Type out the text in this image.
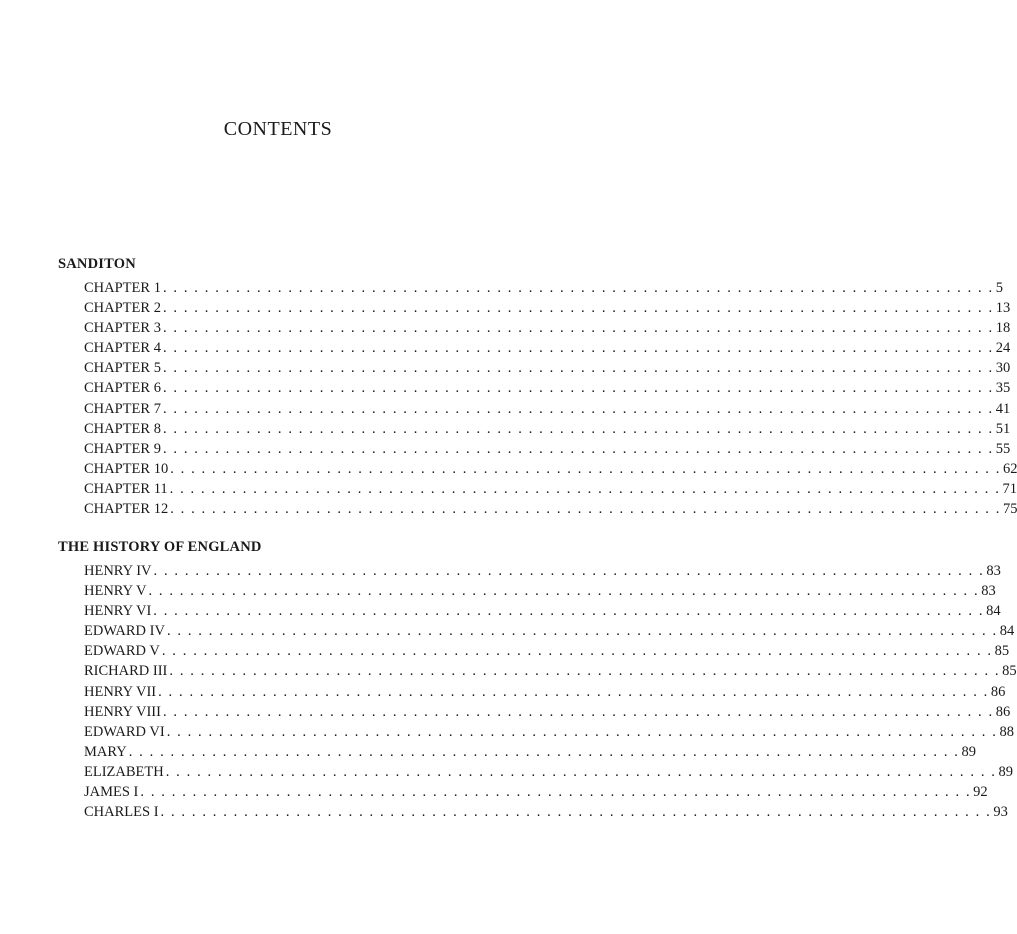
CONTENTS
SANDITON
CHAPTER 1 . . . . . . . . . . . . . . . . . . . . . . . . . . . . . . . . . . . . . . . . . . . . . . . . . . . . . . . . . . . . . . . . . . . . . . . . . . . . . . . . 5
CHAPTER 2 . . . . . . . . . . . . . . . . . . . . . . . . . . . . . . . . . . . . . . . . . . . . . . . . . . . . . . . . . . . . . . . . . . . . . . . . . . . . . . . . 13
CHAPTER 3 . . . . . . . . . . . . . . . . . . . . . . . . . . . . . . . . . . . . . . . . . . . . . . . . . . . . . . . . . . . . . . . . . . . . . . . . . . . . . . . . 18
CHAPTER 4 . . . . . . . . . . . . . . . . . . . . . . . . . . . . . . . . . . . . . . . . . . . . . . . . . . . . . . . . . . . . . . . . . . . . . . . . . . . . . . . . 24
CHAPTER 5 . . . . . . . . . . . . . . . . . . . . . . . . . . . . . . . . . . . . . . . . . . . . . . . . . . . . . . . . . . . . . . . . . . . . . . . . . . . . . . . . 30
CHAPTER 6 . . . . . . . . . . . . . . . . . . . . . . . . . . . . . . . . . . . . . . . . . . . . . . . . . . . . . . . . . . . . . . . . . . . . . . . . . . . . . . . . 35
CHAPTER 7 . . . . . . . . . . . . . . . . . . . . . . . . . . . . . . . . . . . . . . . . . . . . . . . . . . . . . . . . . . . . . . . . . . . . . . . . . . . . . . . . 41
CHAPTER 8 . . . . . . . . . . . . . . . . . . . . . . . . . . . . . . . . . . . . . . . . . . . . . . . . . . . . . . . . . . . . . . . . . . . . . . . . . . . . . . . . 51
CHAPTER 9 . . . . . . . . . . . . . . . . . . . . . . . . . . . . . . . . . . . . . . . . . . . . . . . . . . . . . . . . . . . . . . . . . . . . . . . . . . . . . . . . 55
CHAPTER 10 . . . . . . . . . . . . . . . . . . . . . . . . . . . . . . . . . . . . . . . . . . . . . . . . . . . . . . . . . . . . . . . . . . . . . . . . . . . . . . . . 62
CHAPTER 11 . . . . . . . . . . . . . . . . . . . . . . . . . . . . . . . . . . . . . . . . . . . . . . . . . . . . . . . . . . . . . . . . . . . . . . . . . . . . . . . . 71
CHAPTER 12 . . . . . . . . . . . . . . . . . . . . . . . . . . . . . . . . . . . . . . . . . . . . . . . . . . . . . . . . . . . . . . . . . . . . . . . . . . . . . . . . 75
THE HISTORY OF ENGLAND
HENRY IV . . . . . . . . . . . . . . . . . . . . . . . . . . . . . . . . . . . . . . . . . . . . . . . . . . . . . . . . . . . . . . . . . . . . . . . . . . . . . . . . 83
HENRY V . . . . . . . . . . . . . . . . . . . . . . . . . . . . . . . . . . . . . . . . . . . . . . . . . . . . . . . . . . . . . . . . . . . . . . . . . . . . . . . . 83
HENRY VI . . . . . . . . . . . . . . . . . . . . . . . . . . . . . . . . . . . . . . . . . . . . . . . . . . . . . . . . . . . . . . . . . . . . . . . . . . . . . . . . 84
EDWARD IV . . . . . . . . . . . . . . . . . . . . . . . . . . . . . . . . . . . . . . . . . . . . . . . . . . . . . . . . . . . . . . . . . . . . . . . . . . . . . . . . 84
EDWARD V . . . . . . . . . . . . . . . . . . . . . . . . . . . . . . . . . . . . . . . . . . . . . . . . . . . . . . . . . . . . . . . . . . . . . . . . . . . . . . . . 85
RICHARD III . . . . . . . . . . . . . . . . . . . . . . . . . . . . . . . . . . . . . . . . . . . . . . . . . . . . . . . . . . . . . . . . . . . . . . . . . . . . . . . . 85
HENRY VII . . . . . . . . . . . . . . . . . . . . . . . . . . . . . . . . . . . . . . . . . . . . . . . . . . . . . . . . . . . . . . . . . . . . . . . . . . . . . . . . 86
HENRY VIII . . . . . . . . . . . . . . . . . . . . . . . . . . . . . . . . . . . . . . . . . . . . . . . . . . . . . . . . . . . . . . . . . . . . . . . . . . . . . . . . 86
EDWARD VI . . . . . . . . . . . . . . . . . . . . . . . . . . . . . . . . . . . . . . . . . . . . . . . . . . . . . . . . . . . . . . . . . . . . . . . . . . . . . . . . 88
MARY . . . . . . . . . . . . . . . . . . . . . . . . . . . . . . . . . . . . . . . . . . . . . . . . . . . . . . . . . . . . . . . . . . . . . . . . . . . . . . . . 89
ELIZABETH . . . . . . . . . . . . . . . . . . . . . . . . . . . . . . . . . . . . . . . . . . . . . . . . . . . . . . . . . . . . . . . . . . . . . . . . . . . . . . . . 89
JAMES I . . . . . . . . . . . . . . . . . . . . . . . . . . . . . . . . . . . . . . . . . . . . . . . . . . . . . . . . . . . . . . . . . . . . . . . . . . . . . . . . 92
CHARLES I . . . . . . . . . . . . . . . . . . . . . . . . . . . . . . . . . . . . . . . . . . . . . . . . . . . . . . . . . . . . . . . . . . . . . . . . . . . . . . . . 93
